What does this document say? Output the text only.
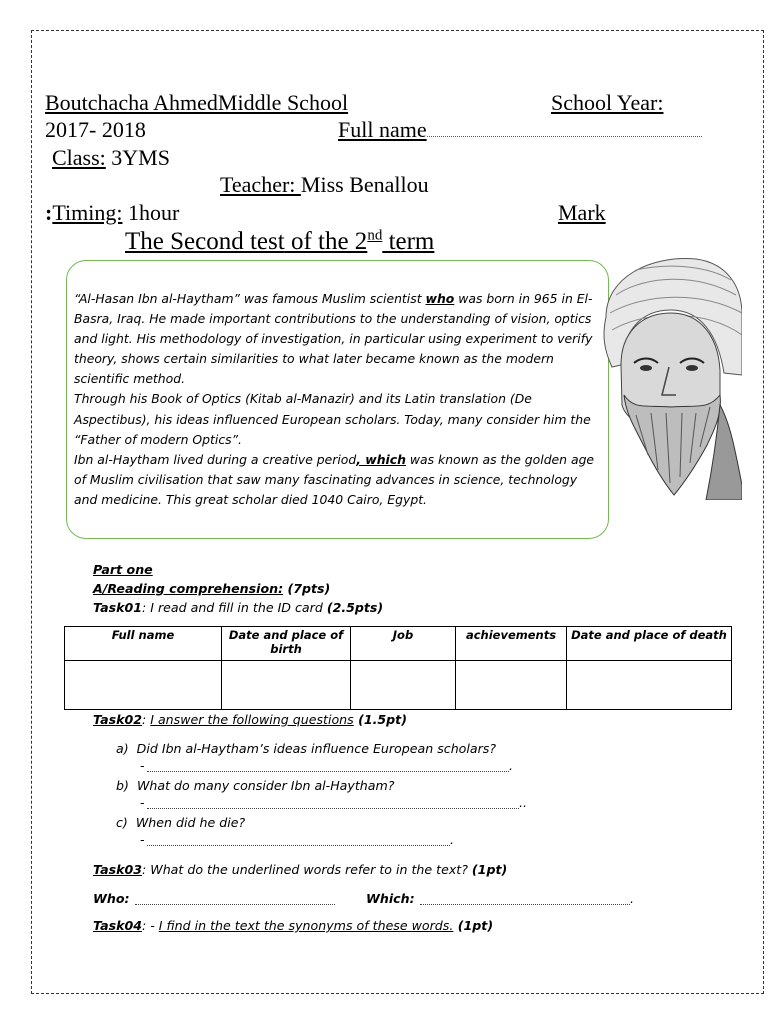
Boutchacha AhmedMiddle School	School Year:
2017- 2018	Full name
Class: 3YMS
Teacher: Miss Benallou
:Timing: 1hour	Mark
The Second test of the 2nd term

“Al-Hasan Ibn al-Haytham” was famous Muslim scientist who was born in 965 in El-Basra, Iraq. He made important contributions to the understanding of vision, optics and light. His methodology of investigation, in particular using experiment to verify theory, shows certain similarities to what later became known as the modern scientific method.

Through his Book of Optics (Kitab al-Manazir) and its Latin translation (De Aspectibus), his ideas influenced European scholars. Today, many consider him the “Father of modern Optics”.

Ibn al-Haytham lived during a creative period, which was known as the golden age of Muslim civilisation that saw many fascinating advances in science, technology and medicine. This great scholar died 1040 Cairo, Egypt.

Part one
A/Reading comprehension: (7pts)
Task01: I read and fill in the ID card (2.5pts)
Full name	Date and place of birth	Job	achievements	Date and place of death

Task02: I answer the following questions (1.5pt)
a) Did Ibn al-Haytham’s ideas influence European scholars?
-	.
b) What do many consider Ibn al-Haytham?
-	..
c) When did he die?
-	.
Task03: What do the underlined words refer to in the text? (1pt)
Who:	Which:	.
Task04: - I find in the text the synonyms of these words. (1pt)
